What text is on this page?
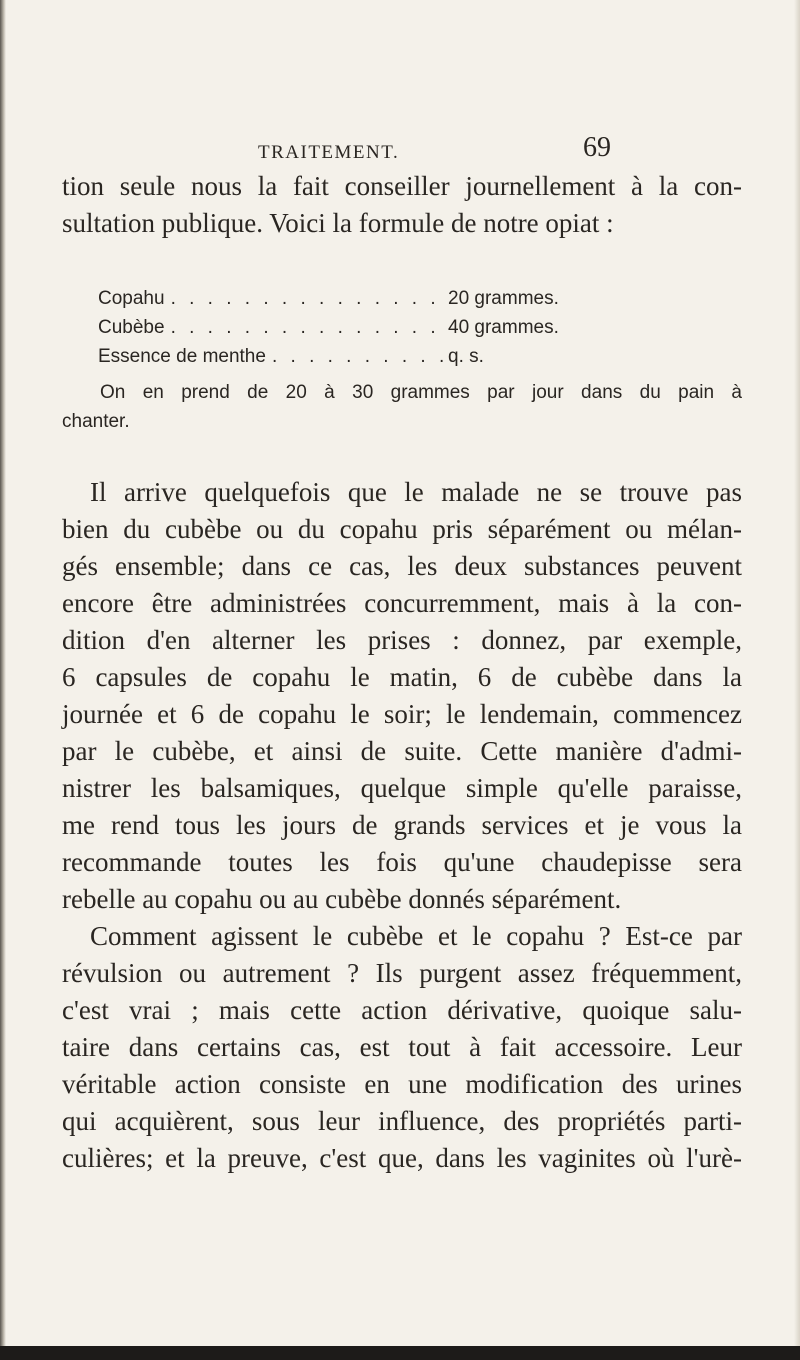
TRAITEMENT.	69
tion seule nous la fait conseiller journellement à la con-
sultation publique. Voici la formule de notre opiat :
Copahu . . .	20 grammes.
Cubèbe . . .	40 grammes.
Essence de menthe . . .	q. s.
On en prend de 20 à 30 grammes par jour dans du pain à
chanter.
Il arrive quelquefois que le malade ne se trouve pas
bien du cubèbe ou du copahu pris séparément ou mélan-
gés ensemble; dans ce cas, les deux substances peuvent
encore être administrées concurremment, mais à la con-
dition d'en alterner les prises : donnez, par exemple,
6 capsules de copahu le matin, 6 de cubèbe dans la
journée et 6 de copahu le soir; le lendemain, commencez
par le cubèbe, et ainsi de suite. Cette manière d'admi-
nistrer les balsamiques, quelque simple qu'elle paraisse,
me rend tous les jours de grands services et je vous la
recommande toutes les fois qu'une chaudepisse sera
rebelle au copahu ou au cubèbe donnés séparément.
Comment agissent le cubèbe et le copahu ? Est-ce par
révulsion ou autrement ? Ils purgent assez fréquemment,
c'est vrai ; mais cette action dérivative, quoique salu-
taire dans certains cas, est tout à fait accessoire. Leur
véritable action consiste en une modification des urines
qui acquièrent, sous leur influence, des propriétés parti-
culières; et la preuve, c'est que, dans les vaginites où l'urè-
